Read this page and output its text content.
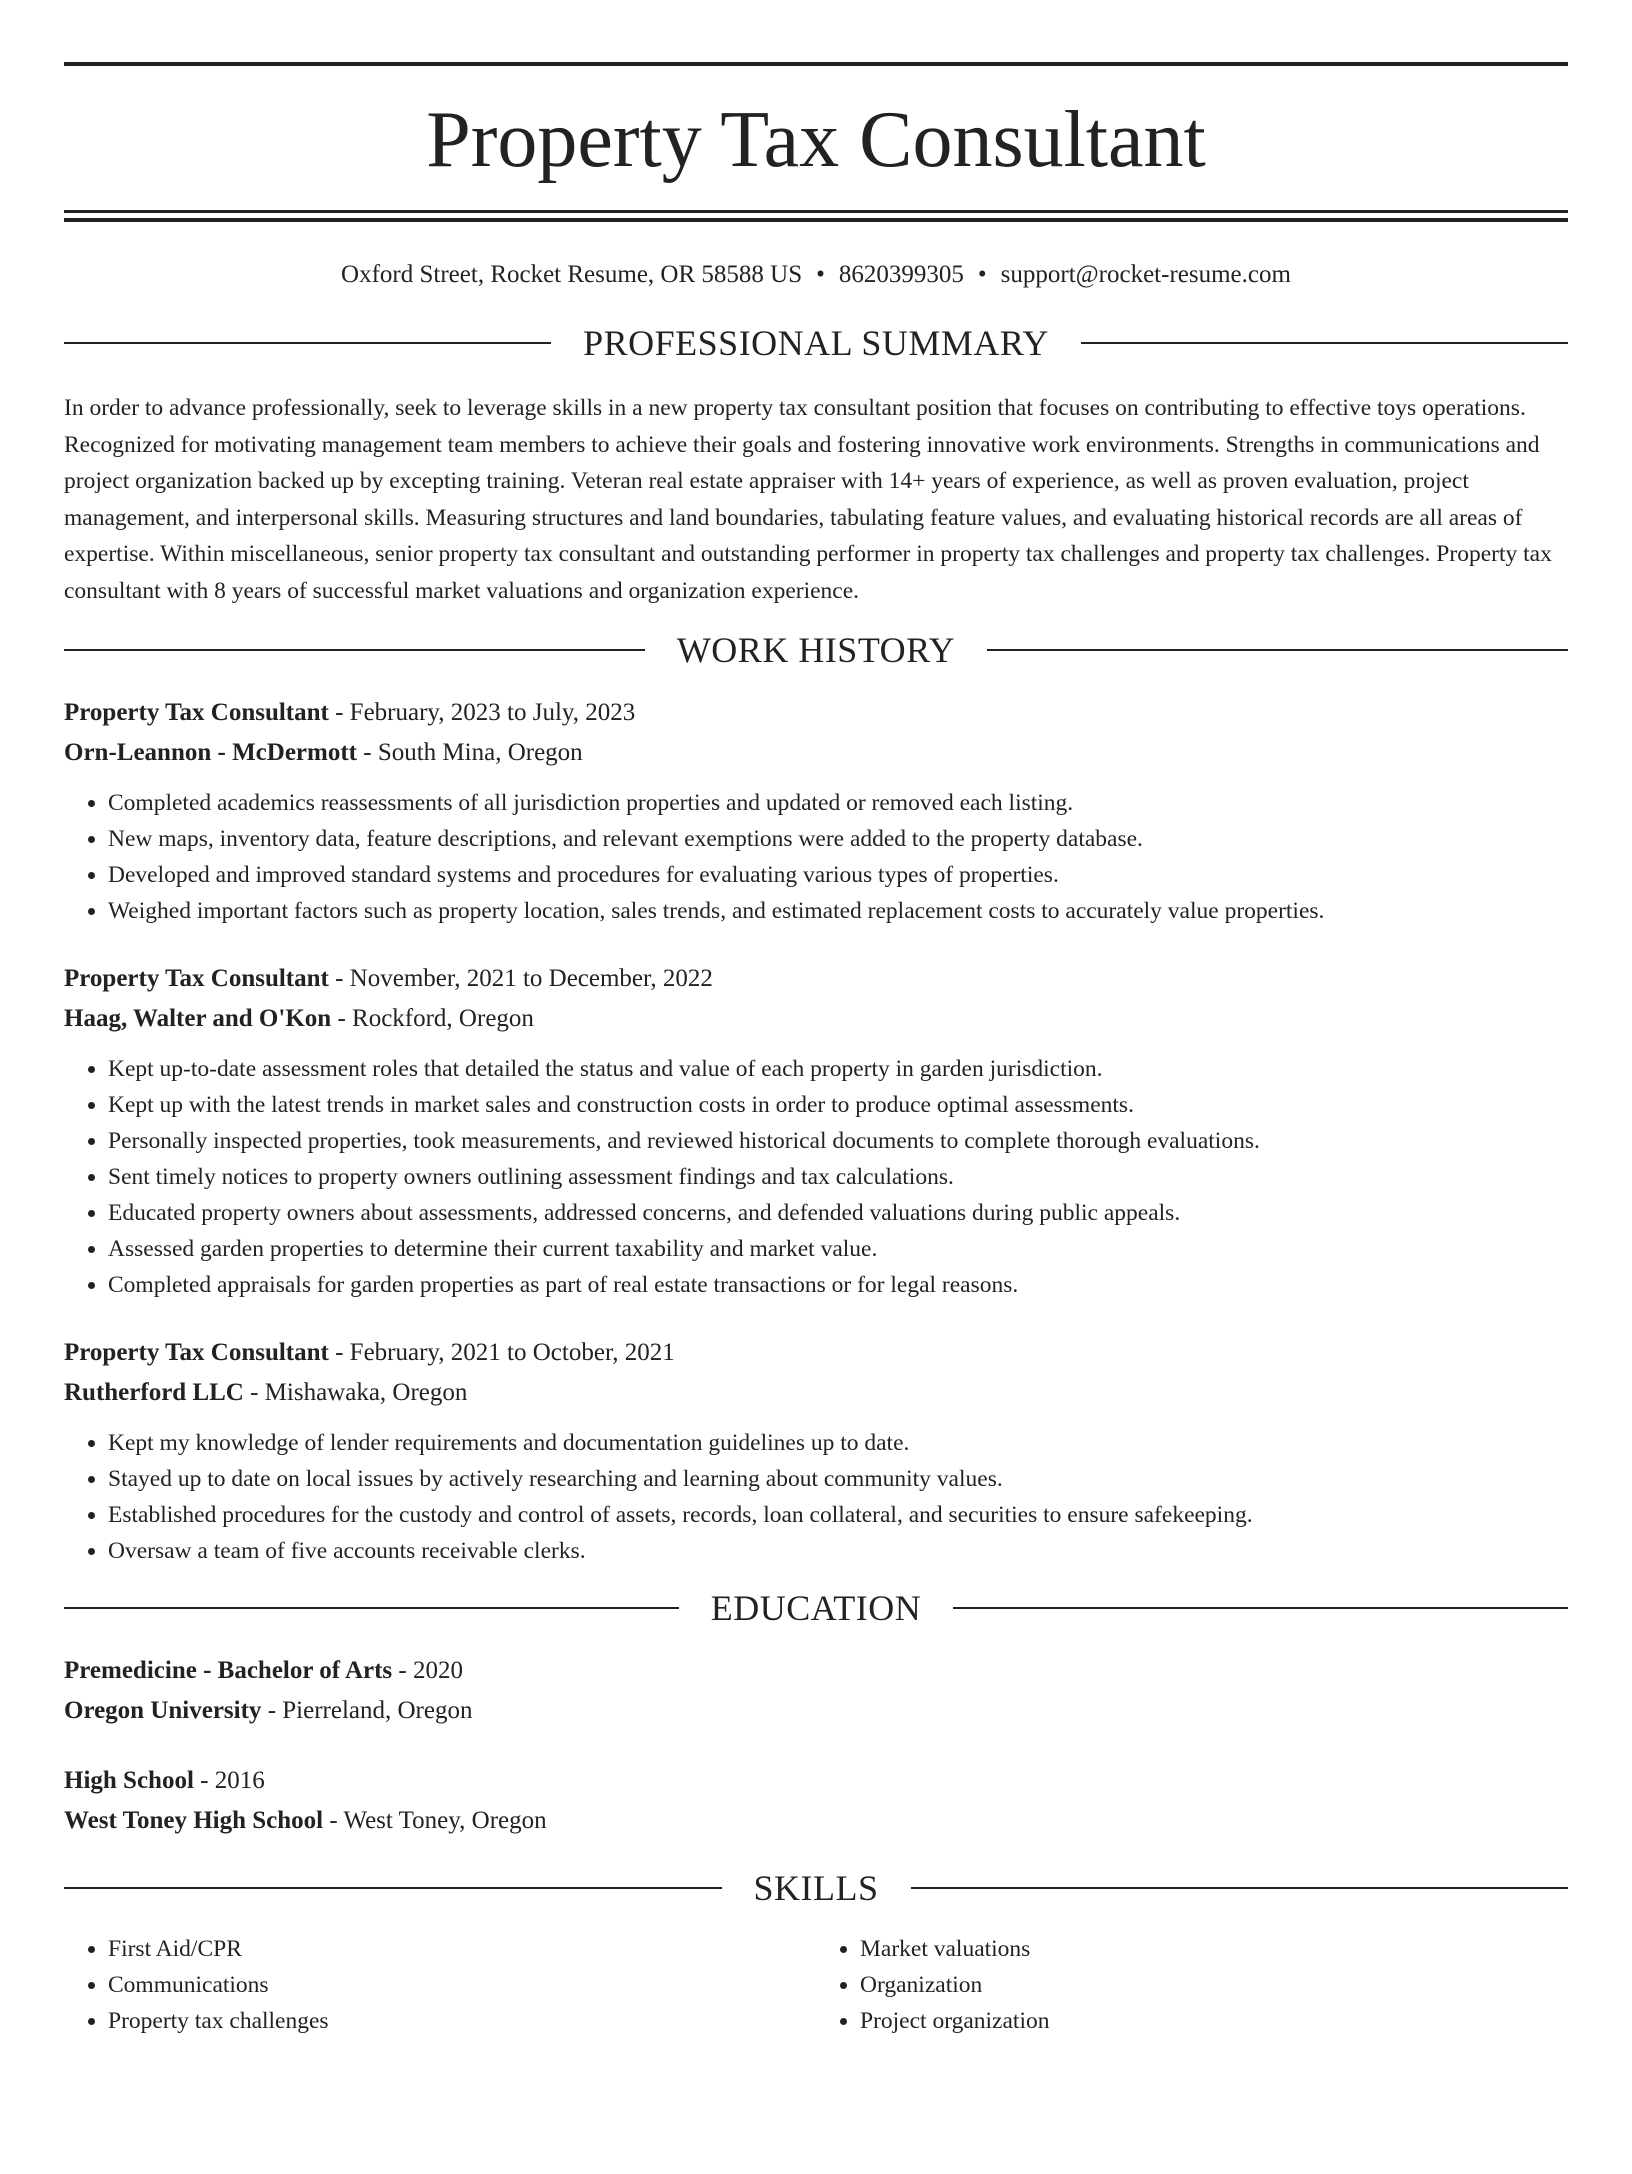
Property Tax Consultant
Oxford Street, Rocket Resume, OR 58588 US • 8620399305 • support@rocket-resume.com
PROFESSIONAL SUMMARY

In order to advance professionally, seek to leverage skills in a new property tax consultant position that focuses on contributing to effective toys operations. Recognized for motivating management team members to achieve their goals and fostering innovative work environments. Strengths in communications and project organization backed up by excepting training. Veteran real estate appraiser with 14+ years of experience, as well as proven evaluation, project management, and interpersonal skills. Measuring structures and land boundaries, tabulating feature values, and evaluating historical records are all areas of expertise. Within miscellaneous, senior property tax consultant and outstanding performer in property tax challenges and property tax challenges. Property tax consultant with 8 years of successful market valuations and organization experience.

WORK HISTORY

Property Tax Consultant - February, 2023 to July, 2023

Orn-Leannon - McDermott - South Mina, Oregon

• Completed academics reassessments of all jurisdiction properties and updated or removed each listing.
• New maps, inventory data, feature descriptions, and relevant exemptions were added to the property database.
• Developed and improved standard systems and procedures for evaluating various types of properties.
• Weighed important factors such as property location, sales trends, and estimated replacement costs to accurately value properties.

Property Tax Consultant - November, 2021 to December, 2022

Haag, Walter and O'Kon - Rockford, Oregon

• Kept up-to-date assessment roles that detailed the status and value of each property in garden jurisdiction.
• Kept up with the latest trends in market sales and construction costs in order to produce optimal assessments.
• Personally inspected properties, took measurements, and reviewed historical documents to complete thorough evaluations.
• Sent timely notices to property owners outlining assessment findings and tax calculations.
• Educated property owners about assessments, addressed concerns, and defended valuations during public appeals.
• Assessed garden properties to determine their current taxability and market value.
• Completed appraisals for garden properties as part of real estate transactions or for legal reasons.

Property Tax Consultant - February, 2021 to October, 2021

Rutherford LLC - Mishawaka, Oregon

• Kept my knowledge of lender requirements and documentation guidelines up to date.
• Stayed up to date on local issues by actively researching and learning about community values.
• Established procedures for the custody and control of assets, records, loan collateral, and securities to ensure safekeeping.
• Oversaw a team of five accounts receivable clerks.
EDUCATION

Premedicine - Bachelor of Arts - 2020

Oregon University - Pierreland, Oregon

High School - 2016

West Toney High School - West Toney, Oregon

SKILLS
• First Aid/CPR
• Communications
• Property tax challenges
• Market valuations
• Organization
• Project organization
